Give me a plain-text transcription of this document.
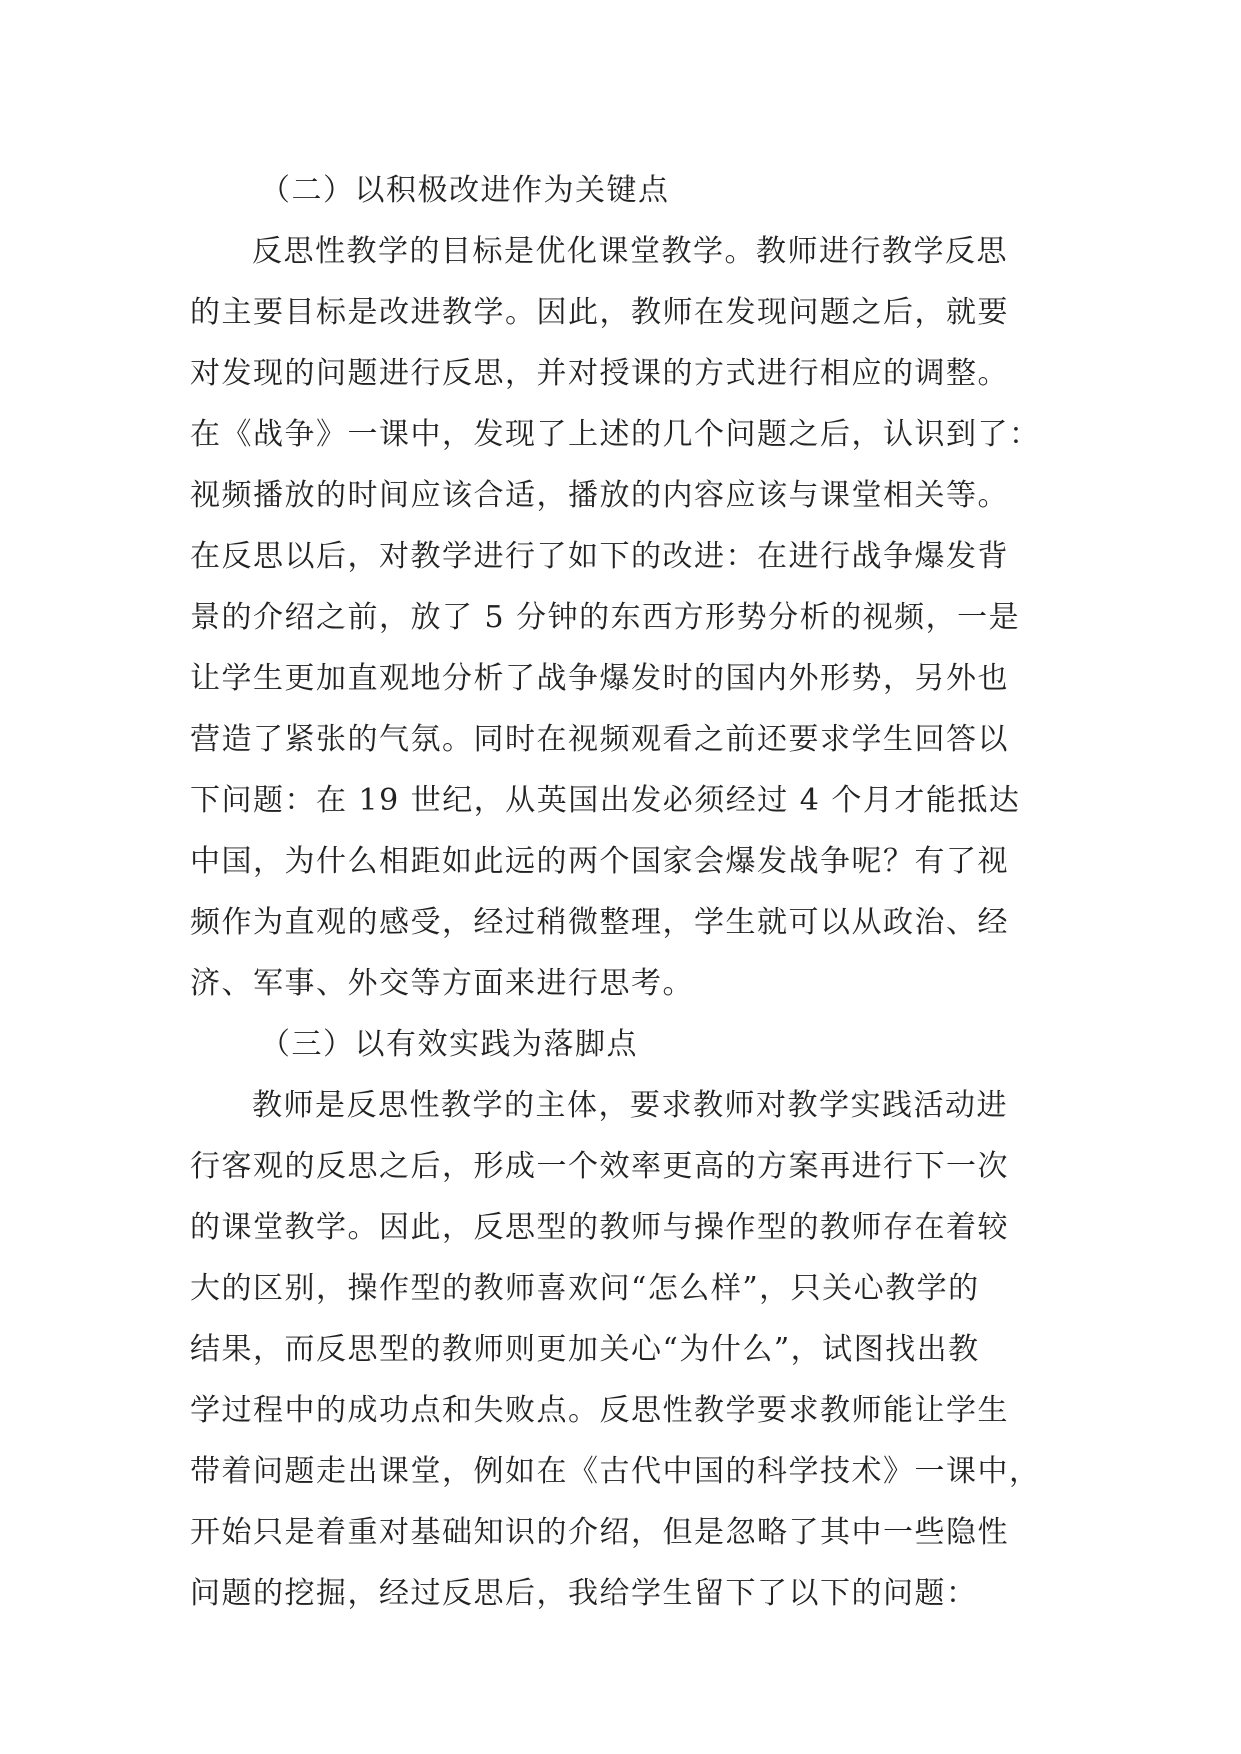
（二）以积极改进作为关键点
反思性教学的目标是优化课堂教学。教师进行教学反思
的主要目标是改进教学。因此，教师在发现问题之后，就要
对发现的问题进行反思，并对授课的方式进行相应的调整。
在《战争》一课中，发现了上述的几个问题之后，认识到了：
视频播放的时间应该合适，播放的内容应该与课堂相关等。
在反思以后，对教学进行了如下的改进：在进行战争爆发背
景的介绍之前，放了 5 分钟的东西方形势分析的视频，一是
让学生更加直观地分析了战争爆发时的国内外形势，另外也
营造了紧张的气氛。同时在视频观看之前还要求学生回答以
下问题：在 19 世纪，从英国出发必须经过 4 个月才能抵达
中国，为什么相距如此远的两个国家会爆发战争呢？有了视
频作为直观的感受，经过稍微整理，学生就可以从政治、经
济、军事、外交等方面来进行思考。
（三）以有效实践为落脚点
教师是反思性教学的主体，要求教师对教学实践活动进
行客观的反思之后，形成一个效率更高的方案再进行下一次
的课堂教学。因此，反思型的教师与操作型的教师存在着较
大的区别，操作型的教师喜欢问“怎么样”，只关心教学的
结果，而反思型的教师则更加关心“为什么”，试图找出教
学过程中的成功点和失败点。反思性教学要求教师能让学生
带着问题走出课堂，例如在《古代中国的科学技术》一课中，
开始只是着重对基础知识的介绍，但是忽略了其中一些隐性
问题的挖掘，经过反思后，我给学生留下了以下的问题：
